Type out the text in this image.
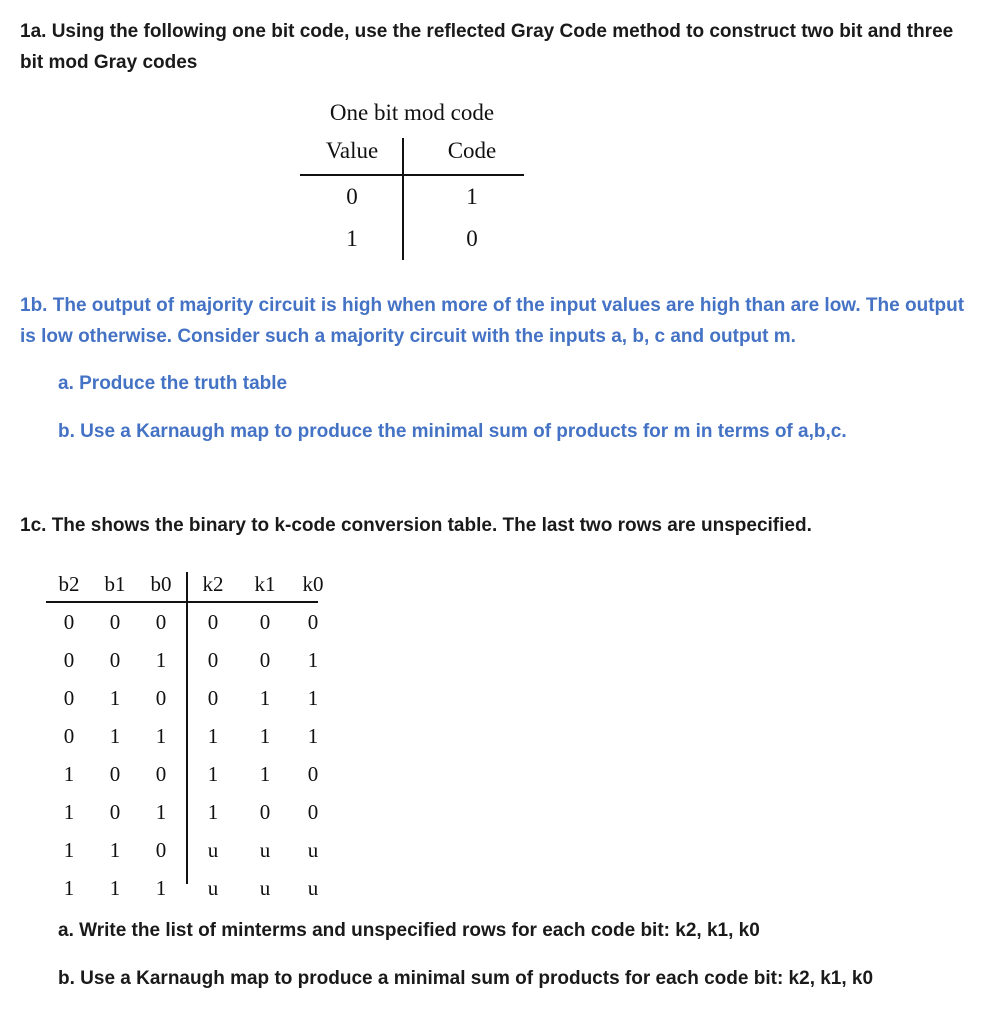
1a. Using the following one bit code, use the reflected Gray Code method to construct two bit and three bit mod Gray codes

One bit mod code
Value	Code
0	1
1	0

1b. The output of majority circuit is high when more of the input values are high than are low. The output is low otherwise. Consider such a majority circuit with the inputs a, b, c and output m.

a. Produce the truth table

b. Use a Karnaugh map to produce the minimal sum of products for m in terms of a,b,c.

1c. The shows the binary to k-code conversion table. The last two rows are unspecified.

b2	b1	b0	k2	k1	k0
0	0	0	0	0	0
0	0	1	0	0	1
0	1	0	0	1	1
0	1	1	1	1	1
1	0	0	1	1	0
1	0	1	1	0	0
1	1	0	u	u	u
1	1	1	u	u	u

a. Write the list of minterms and unspecified rows for each code bit: k2, k1, k0

b. Use a Karnaugh map to produce a minimal sum of products for each code bit: k2, k1, k0
